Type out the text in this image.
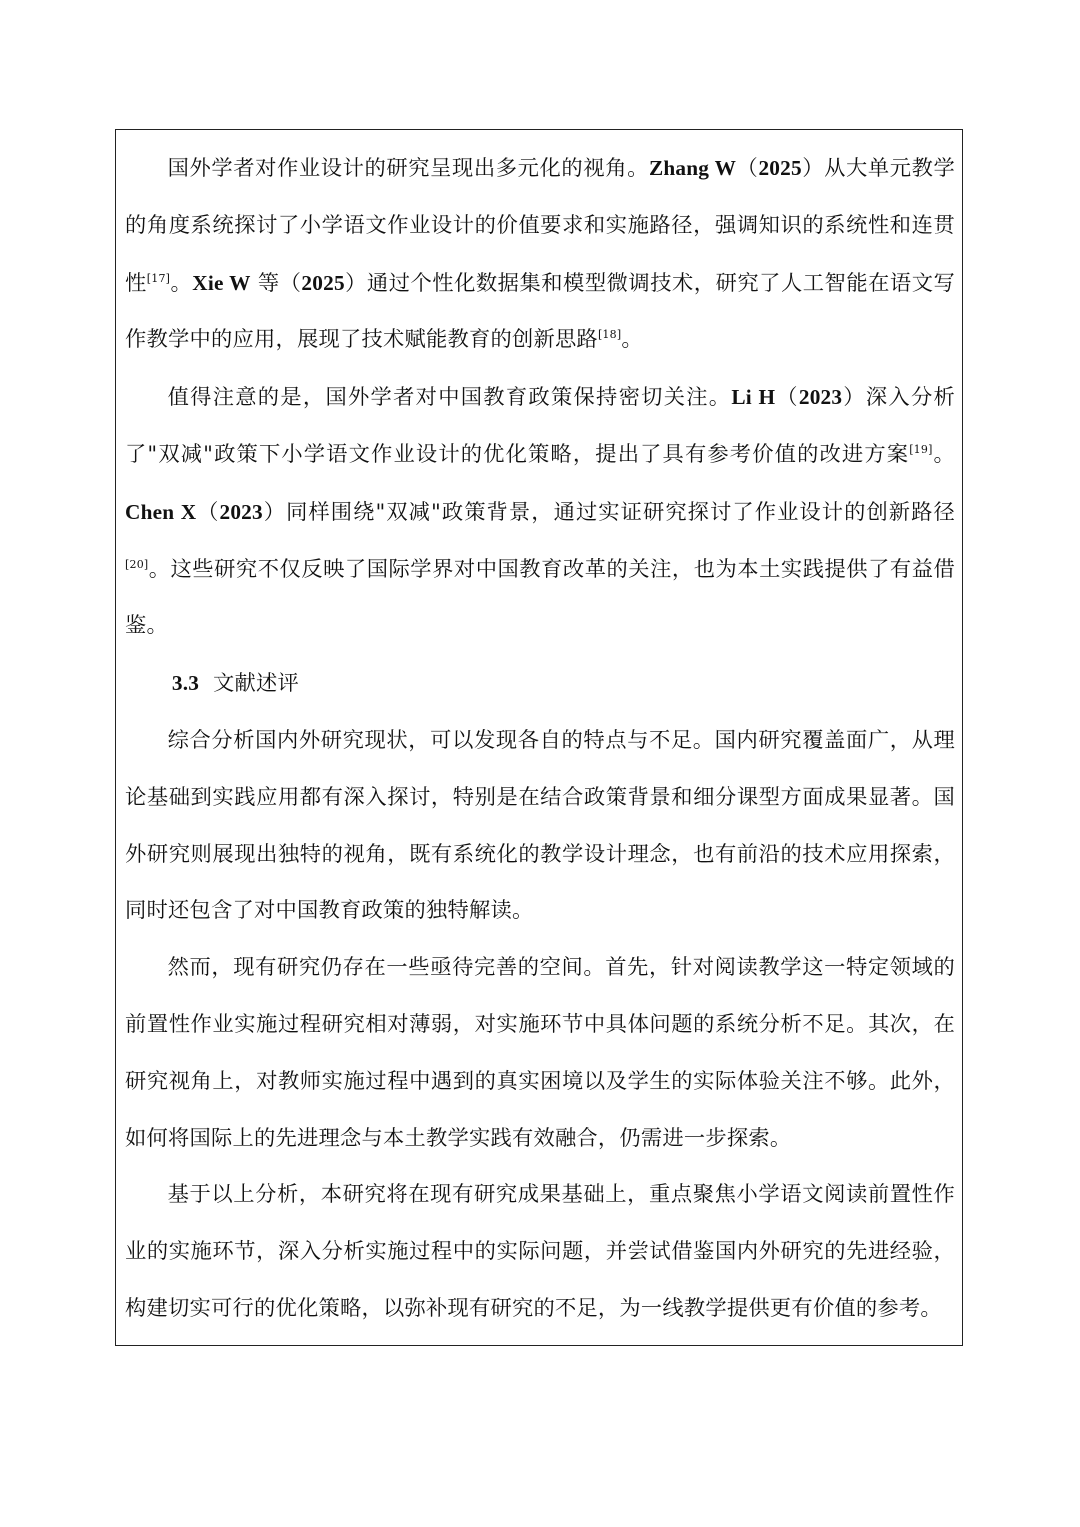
国外学者对作业设计的研究呈现出多元化的视角。Zhang W（2025）从大单元教学的角度系统探讨了小学语文作业设计的价值要求和实施路径，强调知识的系统性和连贯性[17]。Xie W 等（2025）通过个性化数据集和模型微调技术，研究了人工智能在语文写作教学中的应用，展现了技术赋能教育的创新思路[18]。

值得注意的是，国外学者对中国教育政策保持密切关注。Li H（2023）深入分析了"双减"政策下小学语文作业设计的优化策略，提出了具有参考价值的改进方案[19]。Chen X（2023）同样围绕"双减"政策背景，通过实证研究探讨了作业设计的创新路径[20]。这些研究不仅反映了国际学界对中国教育改革的关注，也为本土实践提供了有益借鉴。

3.3 文献述评

综合分析国内外研究现状，可以发现各自的特点与不足。国内研究覆盖面广，从理论基础到实践应用都有深入探讨，特别是在结合政策背景和细分课型方面成果显著。国外研究则展现出独特的视角，既有系统化的教学设计理念，也有前沿的技术应用探索，同时还包含了对中国教育政策的独特解读。

然而，现有研究仍存在一些亟待完善的空间。首先，针对阅读教学这一特定领域的前置性作业实施过程研究相对薄弱，对实施环节中具体问题的系统分析不足。其次，在研究视角上，对教师实施过程中遇到的真实困境以及学生的实际体验关注不够。此外，如何将国际上的先进理念与本土教学实践有效融合，仍需进一步探索。

基于以上分析，本研究将在现有研究成果基础上，重点聚焦小学语文阅读前置性作业的实施环节，深入分析实施过程中的实际问题，并尝试借鉴国内外研究的先进经验，构建切实可行的优化策略，以弥补现有研究的不足，为一线教学提供更有价值的参考。
